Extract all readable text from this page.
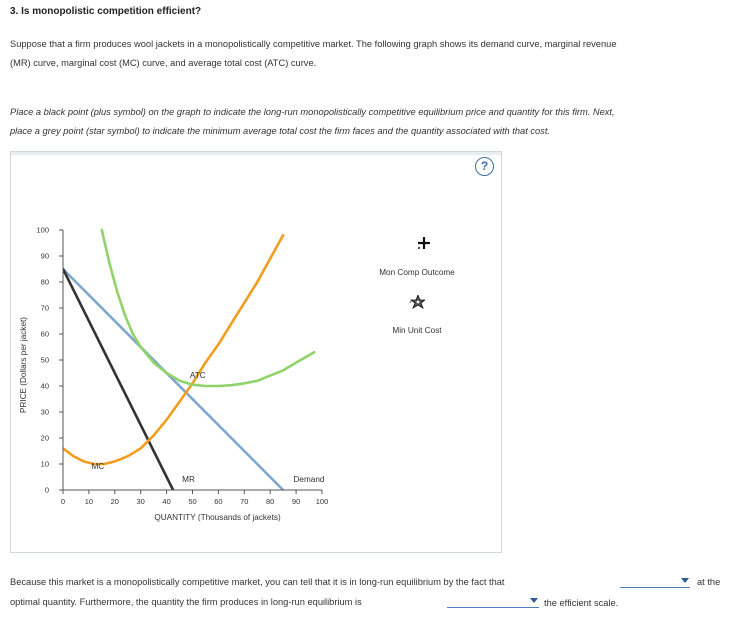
3. Is monopolistic competition efficient?
Suppose that a firm produces wool jackets in a monopolistically competitive market. The following graph shows its demand curve, marginal revenue
(MR) curve, marginal cost (MC) curve, and average total cost (ATC) curve.
Place a black point (plus symbol) on the graph to indicate the long-run monopolistically competitive equilibrium price and quantity for this firm. Next,
place a grey point (star symbol) to indicate the minimum average total cost the firm faces and the quantity associated with that cost.
?
0	10 20 30 40 50 60 70 80 90 100
0
10
20
30
40
50
60
70
80
90
100
QUANTITY (Thousands of jackets)
PRICE (Dollars per jacket)
MC
ATC
MR	Demand
Mon Comp Outcome
Min Unit Cost
Because this market is a monopolistically competitive market, you can tell that it is in long-run equilibrium by the fact that	at the
optimal quantity. Furthermore, the quantity the firm produces in long-run equilibrium is	the efficient scale.
